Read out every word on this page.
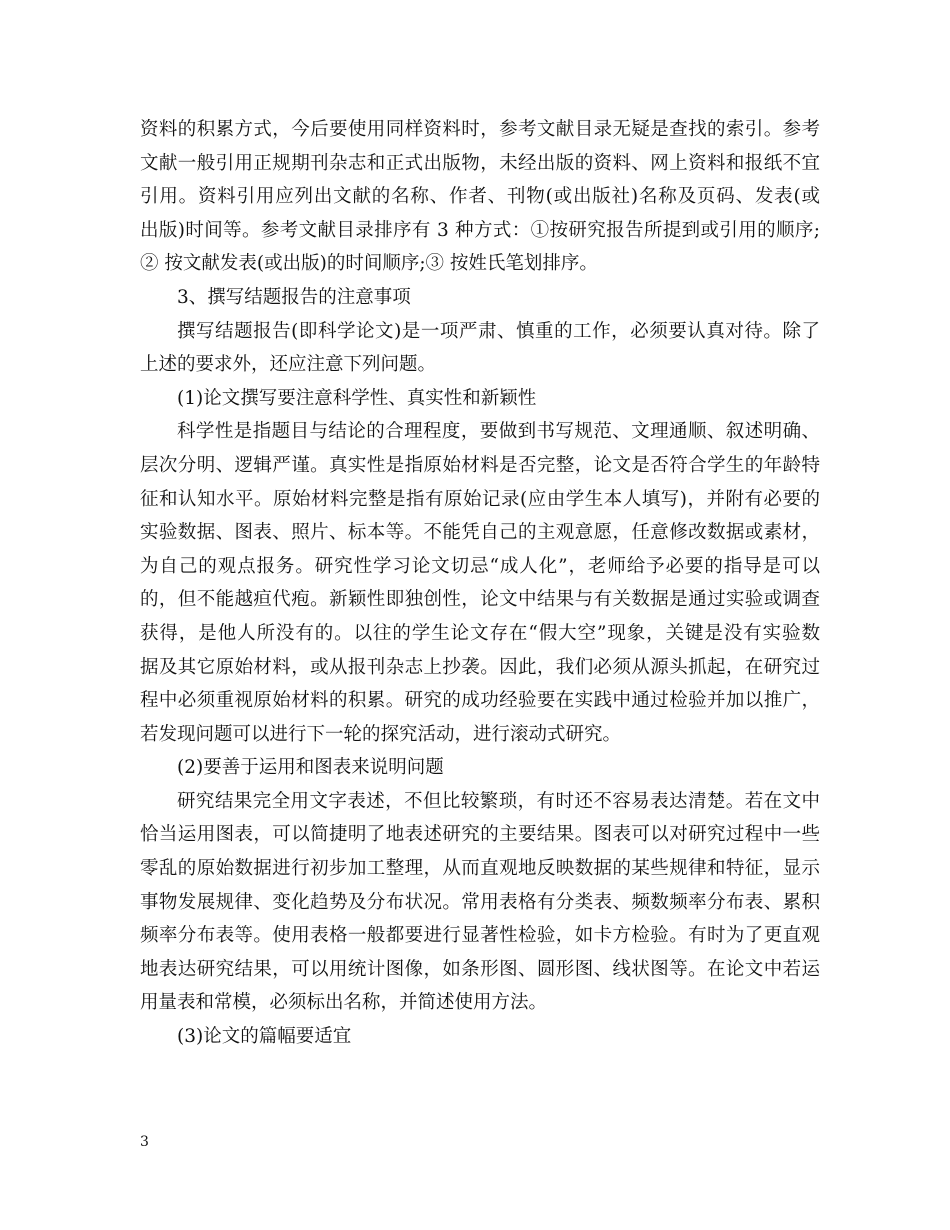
资料的积累方式，今后要使用同样资料时，参考文献目录无疑是查找的索引。参考
文献一般引用正规期刊杂志和正式出版物，未经出版的资料、网上资料和报纸不宜
引用。资料引用应列出文献的名称、作者、刊物(或出版社)名称及页码、发表(或
出版)时间等。参考文献目录排序有 3 种方式：①按研究报告所提到或引用的顺序;
② 按文献发表(或出版)的时间顺序;③ 按姓氏笔划排序。
3、撰写结题报告的注意事项
撰写结题报告(即科学论文)是一项严肃、慎重的工作，必须要认真对待。除了
上述的要求外，还应注意下列问题。
(1)论文撰写要注意科学性、真实性和新颖性
科学性是指题目与结论的合理程度，要做到书写规范、文理通顺、叙述明确、
层次分明、逻辑严谨。真实性是指原始材料是否完整，论文是否符合学生的年龄特
征和认知水平。原始材料完整是指有原始记录(应由学生本人填写)，并附有必要的
实验数据、图表、照片、标本等。不能凭自己的主观意愿，任意修改数据或素材，
为自己的观点报务。研究性学习论文切忌“成人化”，老师给予必要的指导是可以
的，但不能越疸代疱。新颖性即独创性，论文中结果与有关数据是通过实验或调查
获得，是他人所没有的。以往的学生论文存在“假大空”现象，关键是没有实验数
据及其它原始材料，或从报刊杂志上抄袭。因此，我们必须从源头抓起，在研究过
程中必须重视原始材料的积累。研究的成功经验要在实践中通过检验并加以推广，
若发现问题可以进行下一轮的探究活动，进行滚动式研究。
(2)要善于运用和图表来说明问题
研究结果完全用文字表述，不但比较繁琐，有时还不容易表达清楚。若在文中
恰当运用图表，可以简捷明了地表述研究的主要结果。图表可以对研究过程中一些
零乱的原始数据进行初步加工整理，从而直观地反映数据的某些规律和特征，显示
事物发展规律、变化趋势及分布状况。常用表格有分类表、频数频率分布表、累积
频率分布表等。使用表格一般都要进行显著性检验，如卡方检验。有时为了更直观
地表达研究结果，可以用统计图像，如条形图、圆形图、线状图等。在论文中若运
用量表和常模，必须标出名称，并简述使用方法。
(3)论文的篇幅要适宜
3
